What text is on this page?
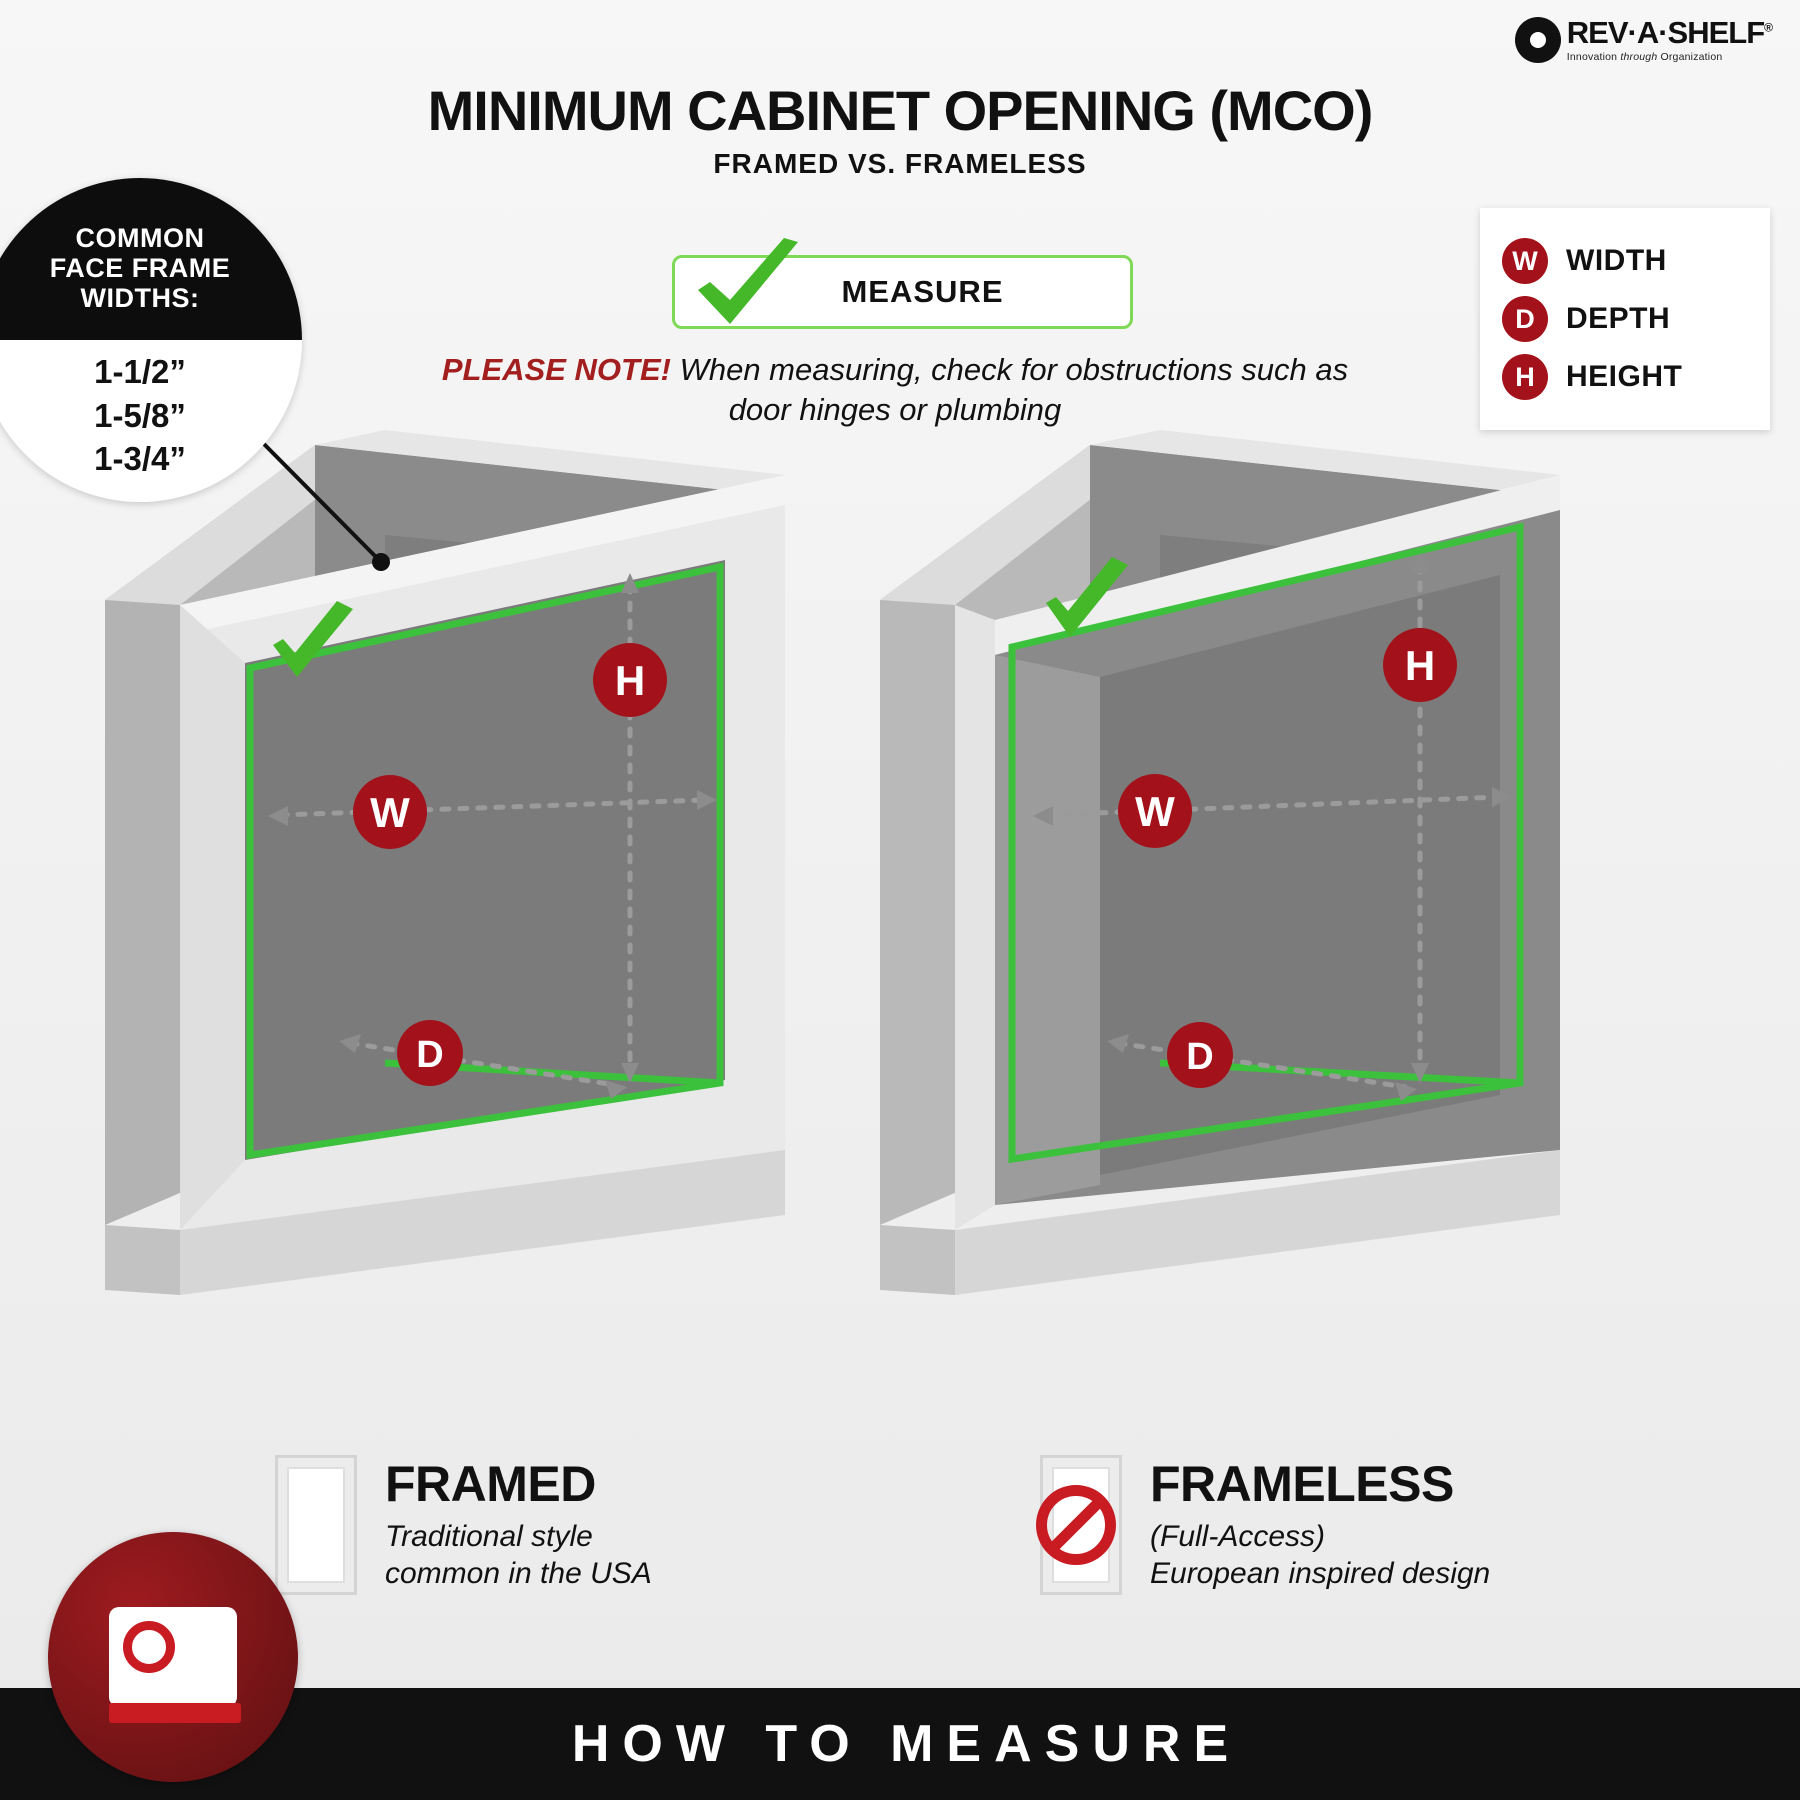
REV·A·SHELF®
Innovation through Organization
MINIMUM CABINET OPENING (MCO)
FRAMED VS. FRAMELESS
MEASURE
PLEASE NOTE! When measuring, check for obstructions such as door hinges or plumbing
W WIDTH
D	DEPTH
H	HEIGHT
H
W
D
H
W
D
COMMON
FACE FRAME
WIDTHS:
1-1/2”
1-5/8”
1-3/4”
FRAMED
Traditional style
common in the USA
FRAMELESS
(Full-Access)
European inspired design
HOW TO MEASURE
